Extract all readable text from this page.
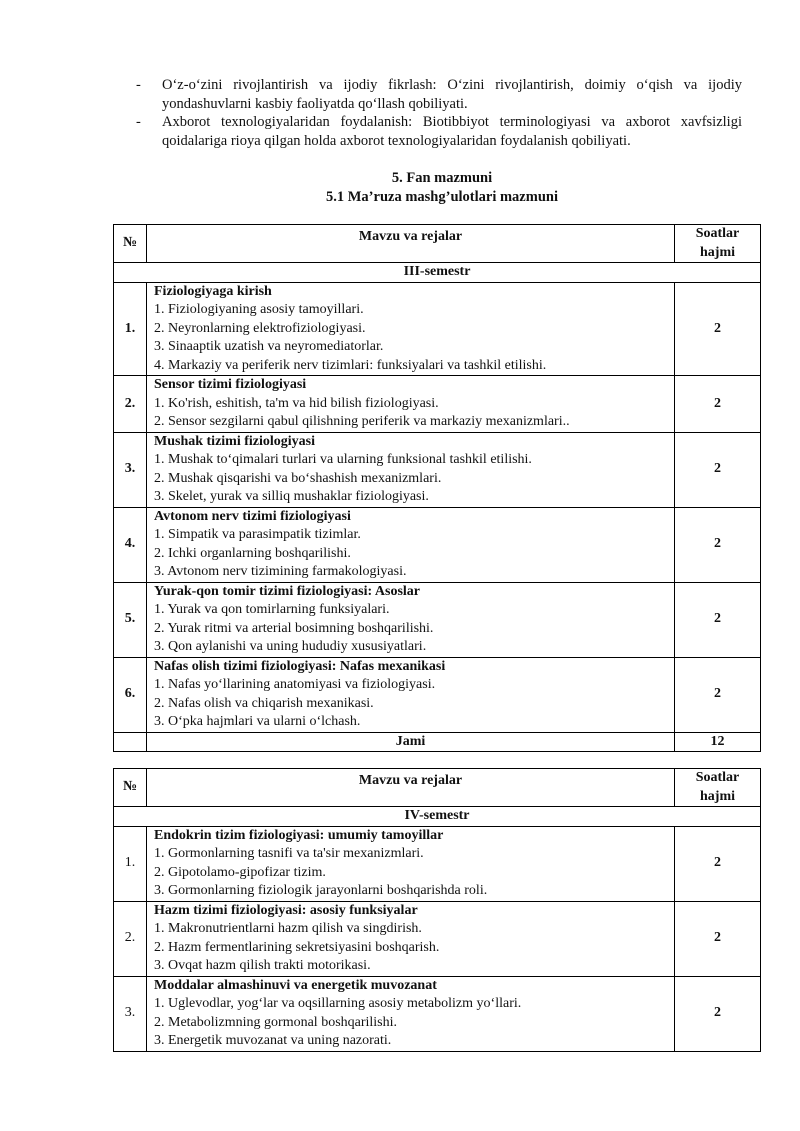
- O‘z-o‘zini rivojlantirish va ijodiy fikrlash: O‘zini rivojlantirish, doimiy o‘qish va ijodiy yondashuvlarni kasbiy faoliyatda qo‘llash qobiliyati.
- Axborot texnologiyalaridan foydalanish: Biotibbiyot terminologiyasi va axborot xavfsizligi qoidalariga rioya qilgan holda axborot texnologiyalaridan foydalanish qobiliyati.
5. Fan mazmuni
5.1 Ma’ruza mashg’ulotlari mazmuni
№	Mavzu va rejalar	Soatlar
hajmi

III-semestr		
1.	Fiziologiyaga kirish
1. Fiziologiyaning asosiy tamoyillari.
2. Neyronlarning elektrofiziologiyasi.
3. Sinaaptik uzatish va neyromediatorlar.
4. Markaziy va periferik nerv tizimlari: funksiyalari va tashkil etilishi.	2
2.	Sensor tizimi fiziologiyasi
1. Ko'rish, eshitish, ta'm va hid bilish fiziologiyasi.
2. Sensor sezgilarni qabul qilishning periferik va markaziy mexanizmlari..	2
3.	Mushak tizimi fiziologiyasi
1. Mushak to‘qimalari turlari va ularning funksional tashkil etilishi.
2. Mushak qisqarishi va bo‘shashish mexanizmlari.
3. Skelet, yurak va silliq mushaklar fiziologiyasi.	2
4.	Avtonom nerv tizimi fiziologiyasi
1. Simpatik va parasimpatik tizimlar.
2. Ichki organlarning boshqarilishi.
3. Avtonom nerv tizimining farmakologiyasi.	2
5.	Yurak-qon tomir tizimi fiziologiyasi: Asoslar
1. Yurak va qon tomirlarning funksiyalari.
2. Yurak ritmi va arterial bosimning boshqarilishi.
3. Qon aylanishi va uning hududiy xususiyatlari.	2
6.	Nafas olish tizimi fiziologiyasi: Nafas mexanikasi
1. Nafas yo‘llarining anatomiyasi va fiziologiyasi.
2. Nafas olish va chiqarish mexanikasi.
3. O‘pka hajmlari va ularni o‘lchash.	2
	Jami	12
№	Mavzu va rejalar	Soatlar
hajmi

IV-semestr		
1.	Endokrin tizim fiziologiyasi: umumiy tamoyillar
1. Gormonlarning tasnifi va ta'sir mexanizmlari.
2. Gipotolamo-gipofizar tizim.
3. Gormonlarning fiziologik jarayonlarni boshqarishda roli.	2
2.	Hazm tizimi fiziologiyasi: asosiy funksiyalar
1. Makronutrientlarni hazm qilish va singdirish.
2. Hazm fermentlarining sekretsiyasini boshqarish.
3. Ovqat hazm qilish trakti motorikasi.	2
3.	Moddalar almashinuvi va energetik muvozanat
1. Uglevodlar, yog‘lar va oqsillarning asosiy metabolizm yo‘llari.
2. Metabolizmning gormonal boshqarilishi.
3. Energetik muvozanat va uning nazorati.	2
